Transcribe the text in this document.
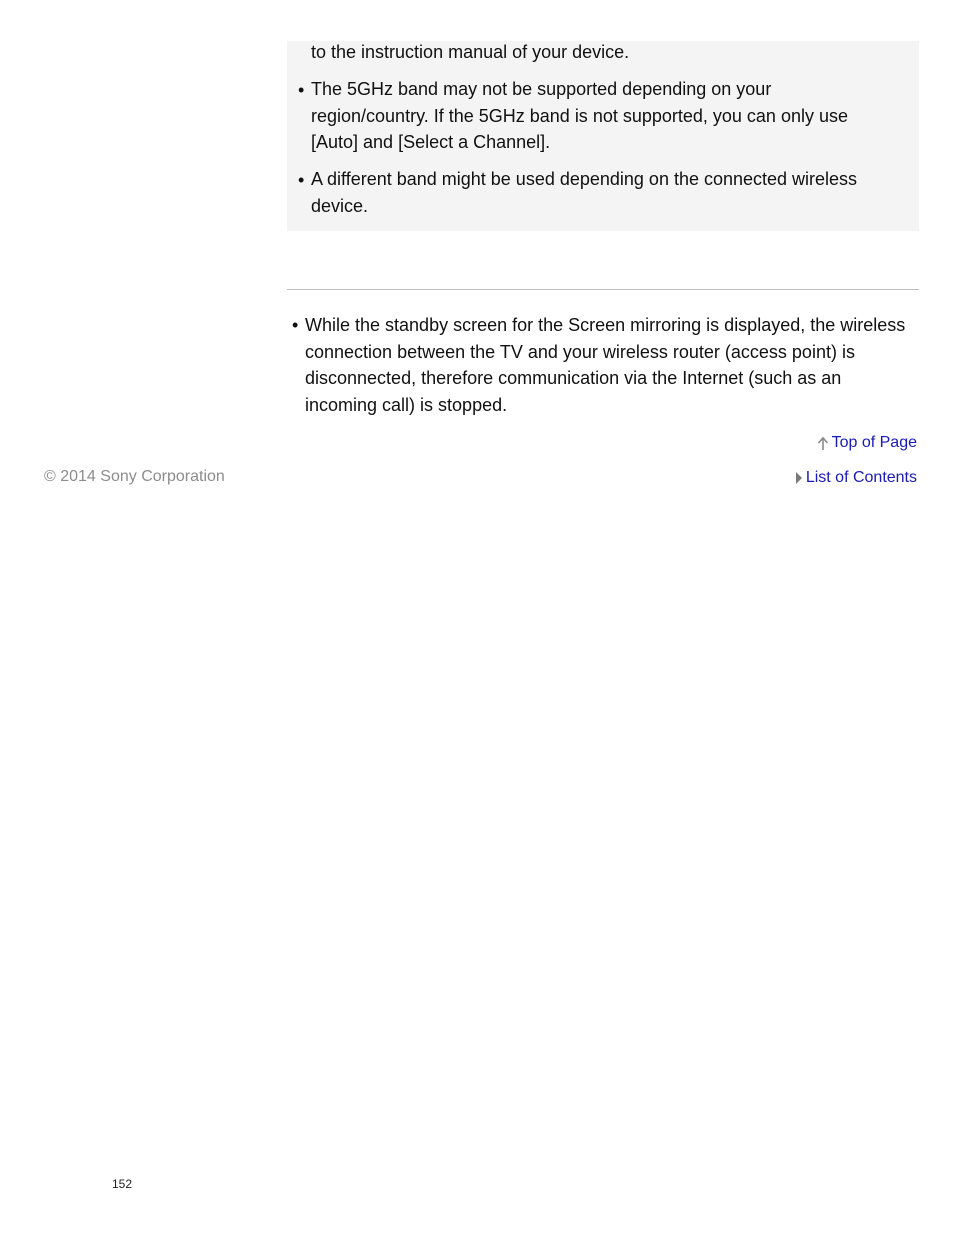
to the instruction manual of your device.
• The 5GHz band may not be supported depending on your region/country. If the 5GHz band is not supported, you can only use [Auto] and [Select a Channel].
• A different band might be used depending on the connected wireless device.
• While the standby screen for the Screen mirroring is displayed, the wireless connection between the TV and your wireless router (access point) is disconnected, therefore communication via the Internet (such as an incoming call) is stopped.
Top of Page
© 2014 Sony Corporation	List of Contents
152
